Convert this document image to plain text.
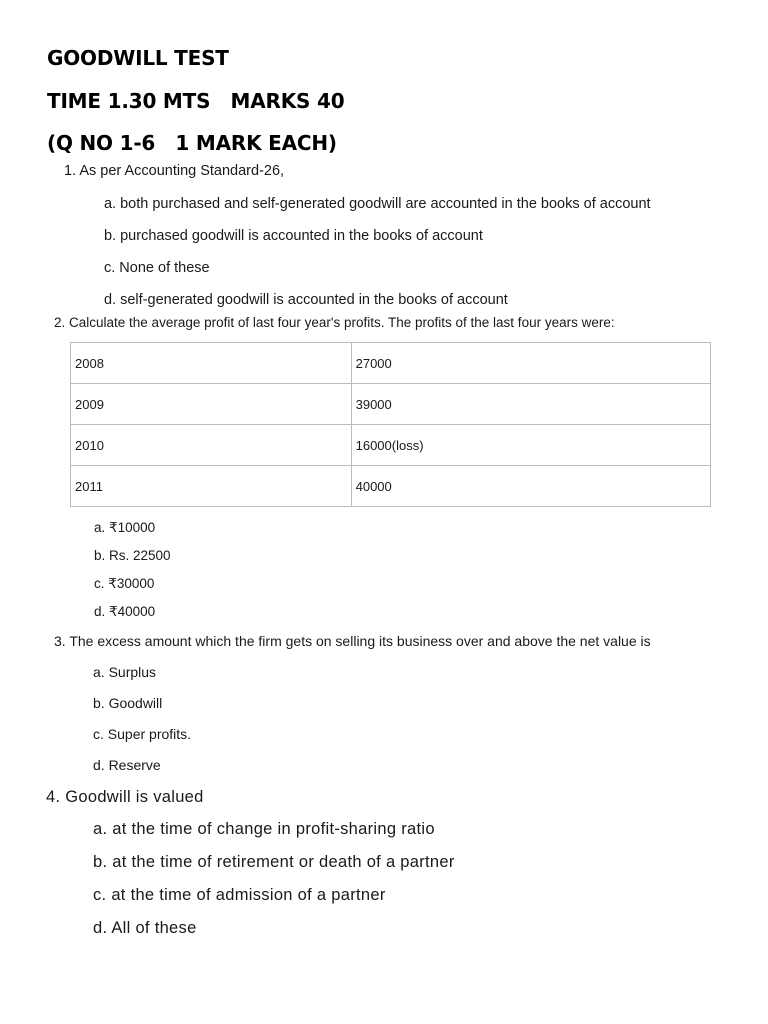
GOODWILL TEST
TIME 1.30 MTS   MARKS 40
(Q NO 1-6   1 MARK EACH)
1. As per Accounting Standard-26,
a. both purchased and self-generated goodwill are accounted in the books of account
b. purchased goodwill is accounted in the books of account
c. None of these
d. self-generated goodwill is accounted in the books of account
2. Calculate the average profit of last four year's profits. The profits of the last four years were:
2008	27000
2009	39000
2010	16000(loss)
2011	40000
a. ₹10000
b. Rs. 22500
c. ₹30000
d. ₹40000
3. The excess amount which the firm gets on selling its business over and above the net value is
a. Surplus
b. Goodwill
c. Super profits.
d. Reserve
4. Goodwill is valued
a. at the time of change in profit-sharing ratio
b. at the time of retirement or death of a partner
c. at the time of admission of a partner
d. All of these
